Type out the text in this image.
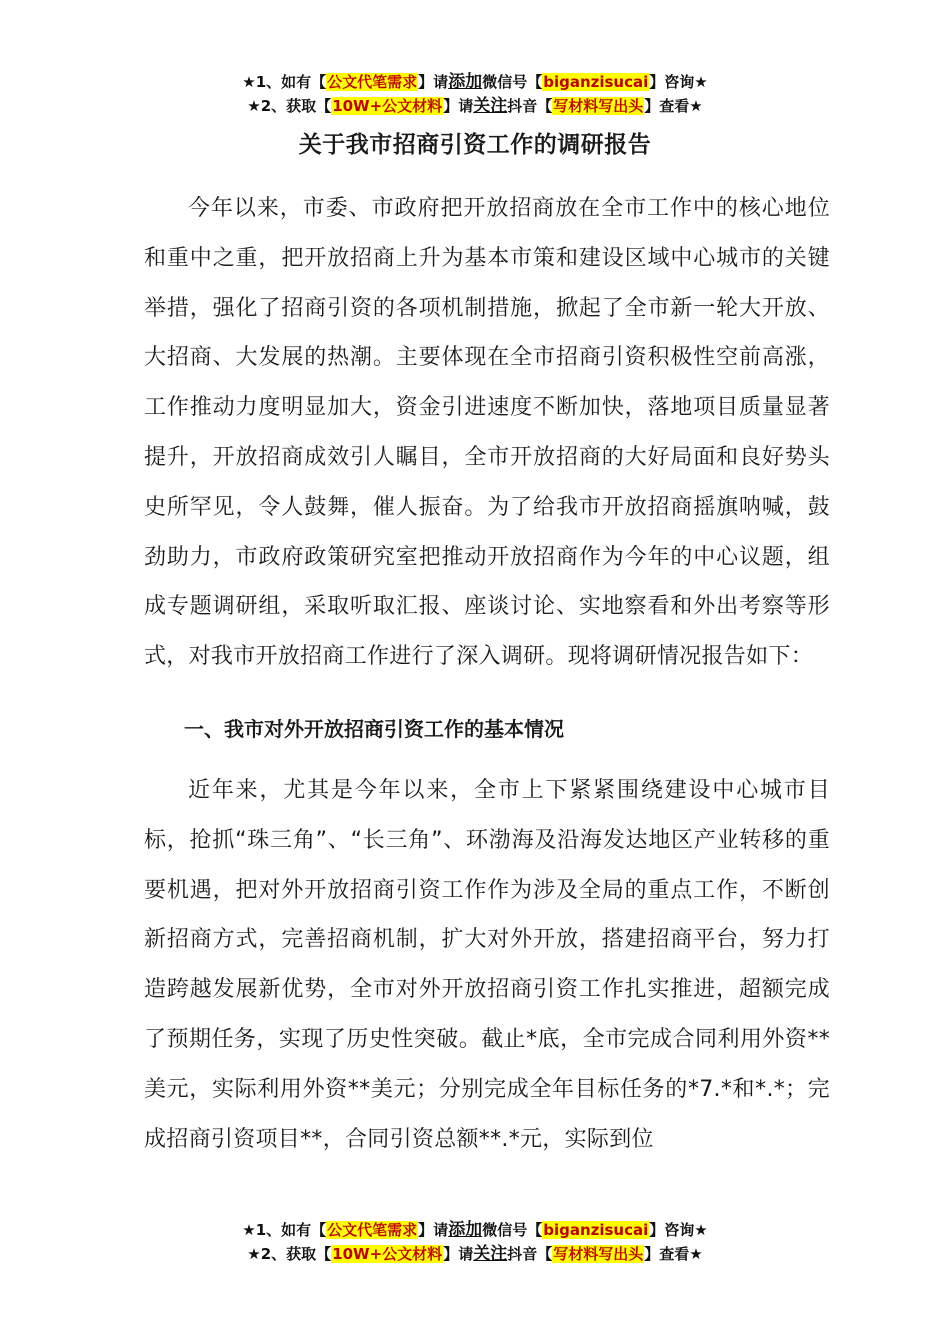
★1、如有【公文代笔需求】请添加微信号【biganzisucai】咨询★
★2、获取【10W+公文材料】请关注抖音【写材料写出头】查看★
关于我市招商引资工作的调研报告

今年以来，市委、市政府把开放招商放在全市工作中的核心地位和重中之重，把开放招商上升为基本市策和建设区域中心城市的关键举措，强化了招商引资的各项机制措施，掀起了全市新一轮大开放、大招商、大发展的热潮。主要体现在全市招商引资积极性空前高涨，工作推动力度明显加大，资金引进速度不断加快，落地项目质量显著提升，开放招商成效引人瞩目，全市开放招商的大好局面和良好势头史所罕见，令人鼓舞，催人振奋。为了给我市开放招商摇旗呐喊，鼓劲助力，市政府政策研究室把推动开放招商作为今年的中心议题，组成专题调研组，采取听取汇报、座谈讨论、实地察看和外出考察等形式，对我市开放招商工作进行了深入调研。现将调研情况报告如下：

一、我市对外开放招商引资工作的基本情况

近年来，尤其是今年以来，全市上下紧紧围绕建设中心城市目标，抢抓“珠三角”、“长三角”、环渤海及沿海发达地区产业转移的重要机遇，把对外开放招商引资工作作为涉及全局的重点工作，不断创新招商方式，完善招商机制，扩大对外开放，搭建招商平台，努力打造跨越发展新优势，全市对外开放招商引资工作扎实推进，超额完成了预期任务，实现了历史性突破。截止*底，全市完成合同利用外资**美元，实际利用外资**美元；分别完成全年目标任务的*7.*和*.*；完成招商引资项目**，合同引资总额**.*元，实际到位

★1、如有【公文代笔需求】请添加微信号【biganzisucai】咨询★
★2、获取【10W+公文材料】请关注抖音【写材料写出头】查看★
